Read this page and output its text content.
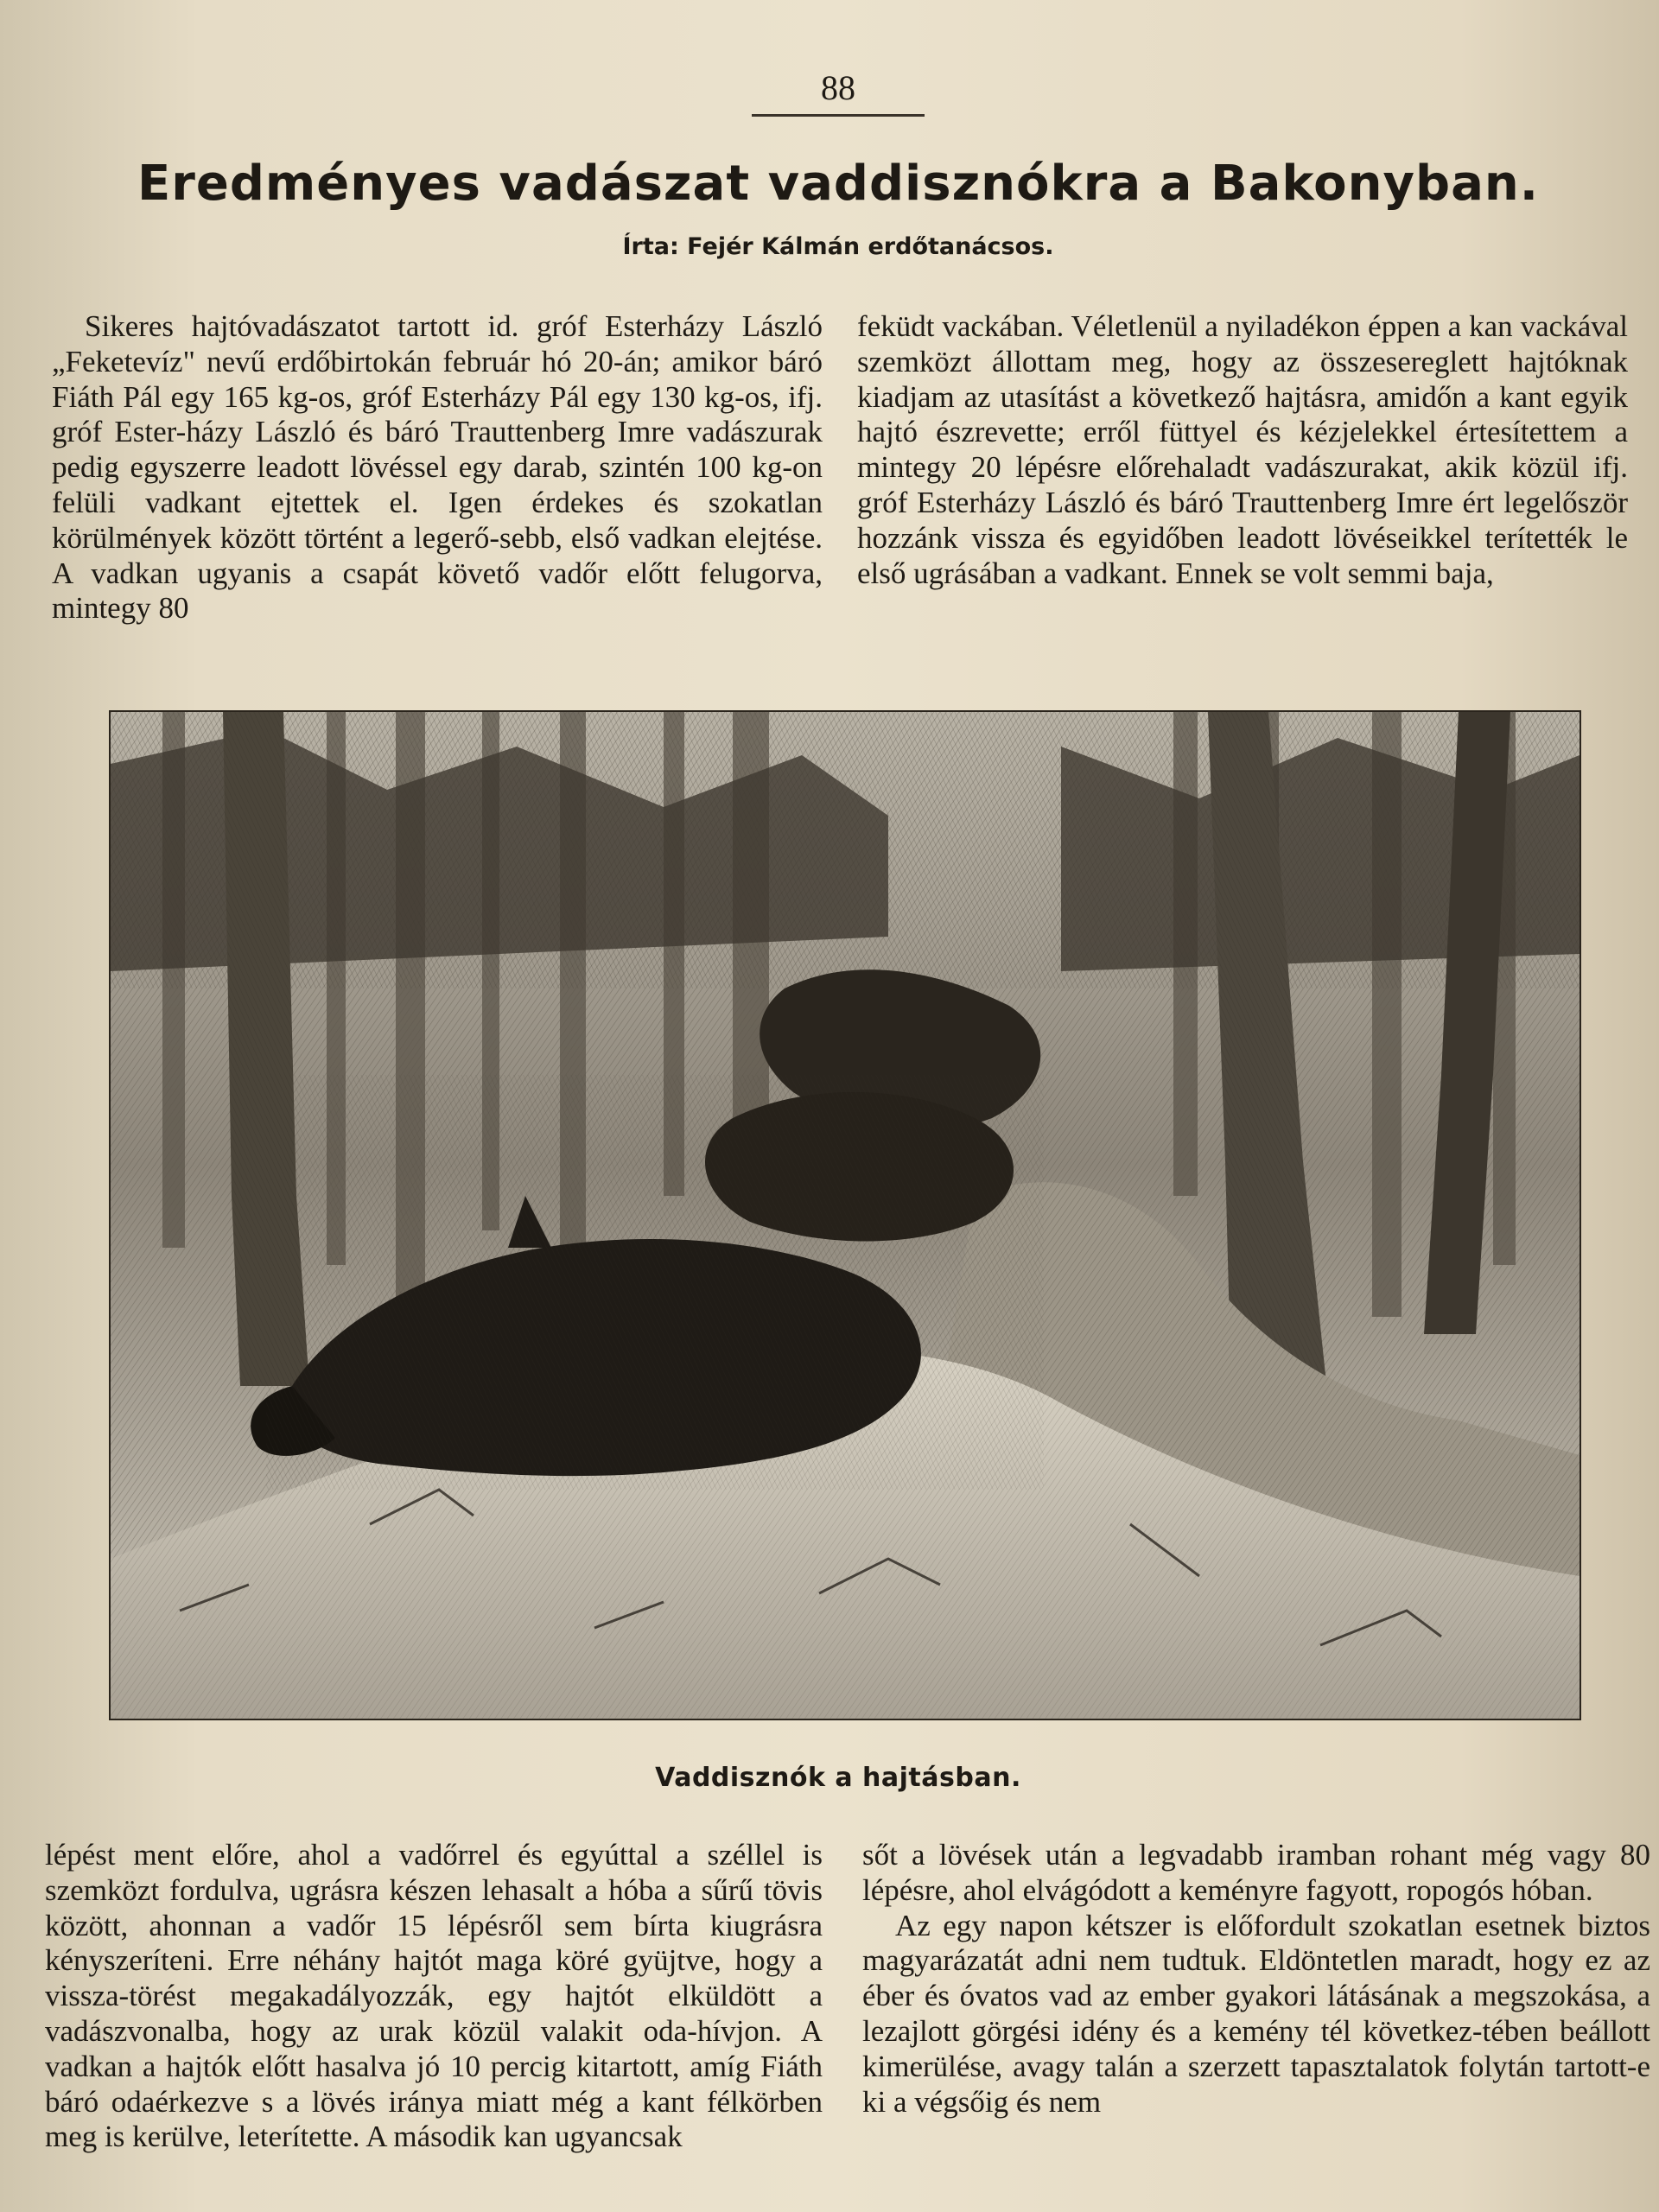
88
Eredményes vadászat vaddisznókra a Bakonyban.
Írta: Fejér Kálmán erdőtanácsos.

Sikeres hajtóvadászatot tartott id. gróf Esterházy László „Feketevíz" nevű erdőbirtokán február hó 20-án; amikor báró Fiáth Pál egy 165 kg-os, gróf Esterházy Pál egy 130 kg-os, ifj. gróf Ester-házy László és báró Trauttenberg Imre vadászurak pedig egyszerre leadott lövéssel egy darab, szintén 100 kg-on felüli vadkant ejtettek el. Igen érdekes és szokatlan körülmények között történt a legerő-sebb, első vadkan elejtése. A vadkan ugyanis a csapát követő vadőr előtt felugorva, mintegy 80

feküdt vackában. Véletlenül a nyiladékon éppen a kan vackával szemközt állottam meg, hogy az összesereglett hajtóknak kiadjam az utasítást a következő hajtásra, amidőn a kant egyik hajtó észrevette; erről füttyel és kézjelekkel értesítettem a mintegy 20 lépésre előrehaladt vadászurakat, akik közül ifj. gróf Esterházy László és báró Trauttenberg Imre ért legelőször hozzánk vissza és egyidőben leadott lövéseikkel terítették le első ugrásában a vadkant. Ennek se volt semmi baja,

Vaddisznók a hajtásban.

lépést ment előre, ahol a vadőrrel és egyúttal a széllel is szemközt fordulva, ugrásra készen lehasalt a hóba a sűrű tövis között, ahonnan a vadőr 15 lépésről sem bírta kiugrásra kényszeríteni. Erre néhány hajtót maga köré gyüjtve, hogy a vissza-törést megakadályozzák, egy hajtót elküldött a vadászvonalba, hogy az urak közül valakit oda-hívjon. A vadkan a hajtók előtt hasalva jó 10 percig kitartott, amíg Fiáth báró odaérkezve s a lövés iránya miatt még a kant félkörben meg is kerülve, leterítette. A második kan ugyancsak

sőt a lövések után a legvadabb iramban rohant még vagy 80 lépésre, ahol elvágódott a keményre fagyott, ropogós hóban.

Az egy napon kétszer is előfordult szokatlan esetnek biztos magyarázatát adni nem tudtuk. Eldöntetlen maradt, hogy ez az éber és óvatos vad az ember gyakori látásának a megszokása, a lezajlott görgési idény és a kemény tél következ-tében beállott kimerülése, avagy talán a szerzett tapasztalatok folytán tartott-e ki a végsőig és nem
